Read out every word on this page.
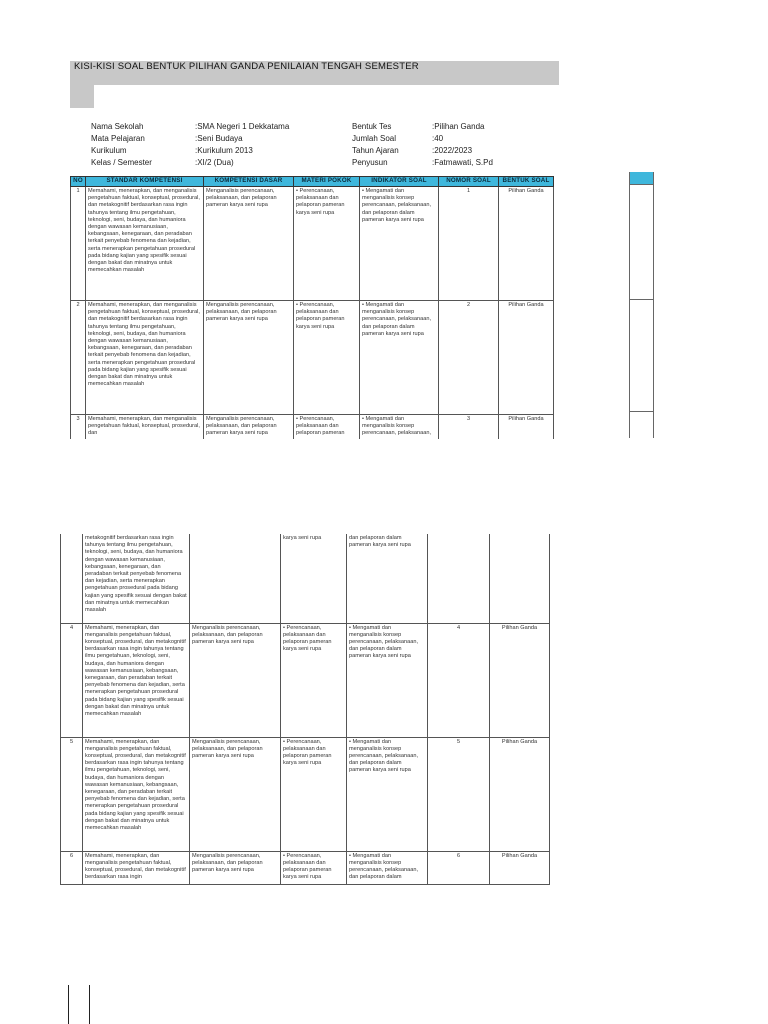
KISI-KISI SOAL BENTUK PILIHAN GANDA PENILAIAN TENGAH SEMESTER
Nama Sekolah	:SMA Negeri 1 Dekkatama
Mata Pelajaran	:Seni Budaya
Kurikulum	:Kurikulum 2013
Kelas / Semester	:XI/2 (Dua)
Bentuk Tes	:Pilihan Ganda
Jumlah Soal	:40
Tahun Ajaran	:2022/2023
Penyusun	:Fatmawati, S.Pd
NO	STANDAR KOMPETENSI	KOMPETENSI DASAR	MATERI POKOK	INDIKATOR SOAL	NOMOR SOAL	BENTUK SOAL
1	Memahami, menerapkan, dan menganalisis pengetahuan faktual, konseptual, prosedural, dan metakognitif berdasarkan rasa ingin tahunya tentang ilmu pengetahuan, teknologi, seni, budaya, dan humaniora dengan wawasan kemanusiaan, kebangsaan, kenegaraan, dan peradaban terkait penyebab fenomena dan kejadian, serta menerapkan pengetahuan prosedural pada bidang kajian yang spesifik sesuai dengan bakat dan minatnya untuk memecahkan masalah	Menganalisis perencanaan, pelaksanaan, dan pelaporan pameran karya seni rupa	• Perencanaan, pelaksanaan dan pelaporan pameran karya seni rupa	• Mengamati dan menganalisis konsep perencanaan, pelaksanaan, dan pelaporan dalam pameran karya seni rupa	1	Pilihan Ganda
2	Memahami, menerapkan, dan menganalisis pengetahuan faktual, konseptual, prosedural, dan metakognitif berdasarkan rasa ingin tahunya tentang ilmu pengetahuan, teknologi, seni, budaya, dan humaniora dengan wawasan kemanusiaan, kebangsaan, kenegaraan, dan peradaban terkait penyebab fenomena dan kejadian, serta menerapkan pengetahuan prosedural pada bidang kajian yang spesifik sesuai dengan bakat dan minatnya untuk memecahkan masalah	Menganalisis perencanaan, pelaksanaan, dan pelaporan pameran karya seni rupa	• Perencanaan, pelaksanaan dan pelaporan pameran karya seni rupa	• Mengamati dan menganalisis konsep perencanaan, pelaksanaan, dan pelaporan dalam pameran karya seni rupa	2	Pilihan Ganda
3	Memahami, menerapkan, dan menganalisis pengetahuan faktual, konseptual, prosedural, dan	Menganalisis perencanaan, pelaksanaan, dan pelaporan pameran karya seni rupa	• Perencanaan, pelaksanaan dan pelaporan pameran	• Mengamati dan menganalisis konsep perencanaan, pelaksanaan,	3	Pilihan Ganda
	metakognitif berdasarkan rasa ingin tahunya tentang ilmu pengetahuan, teknologi, seni, budaya, dan humaniora dengan wawasan kemanusiaan, kebangsaan, kenegaraan, dan peradaban terkait penyebab fenomena dan kejadian, serta menerapkan pengetahuan prosedural pada bidang kajian yang spesifik sesuai dengan bakat dan minatnya untuk memecahkan masalah		karya seni rupa	dan pelaporan dalam pameran karya seni rupa		
4	Memahami, menerapkan, dan menganalisis pengetahuan faktual, konseptual, prosedural, dan metakognitif berdasarkan rasa ingin tahunya tentang ilmu pengetahuan, teknologi, seni, budaya, dan humaniora dengan wawasan kemanusiaan, kebangsaan, kenegaraan, dan peradaban terkait penyebab fenomena dan kejadian, serta menerapkan pengetahuan prosedural pada bidang kajian yang spesifik sesuai dengan bakat dan minatnya untuk memecahkan masalah	Menganalisis perencanaan, pelaksanaan, dan pelaporan pameran karya seni rupa	• Perencanaan, pelaksanaan dan pelaporan pameran karya seni rupa	• Mengamati dan menganalisis konsep perencanaan, pelaksanaan, dan pelaporan dalam pameran karya seni rupa	4	Pilihan Ganda
5	Memahami, menerapkan, dan menganalisis pengetahuan faktual, konseptual, prosedural, dan metakognitif berdasarkan rasa ingin tahunya tentang ilmu pengetahuan, teknologi, seni, budaya, dan humaniora dengan wawasan kemanusiaan, kebangsaan, kenegaraan, dan peradaban terkait penyebab fenomena dan kejadian, serta menerapkan pengetahuan prosedural pada bidang kajian yang spesifik sesuai dengan bakat dan minatnya untuk memecahkan masalah	Menganalisis perencanaan, pelaksanaan, dan pelaporan pameran karya seni rupa	• Perencanaan, pelaksanaan dan pelaporan pameran karya seni rupa	• Mengamati dan menganalisis konsep perencanaan, pelaksanaan, dan pelaporan dalam pameran karya seni rupa	5	Pilihan Ganda
6	Memahami, menerapkan, dan menganalisis pengetahuan faktual, konseptual, prosedural, dan metakognitif berdasarkan rasa ingin	Menganalisis perencanaan, pelaksanaan, dan pelaporan pameran karya seni rupa	• Perencanaan, pelaksanaan dan pelaporan pameran karya seni rupa	• Mengamati dan menganalisis konsep perencanaan, pelaksanaan, dan pelaporan dalam	6	Pilihan Ganda
